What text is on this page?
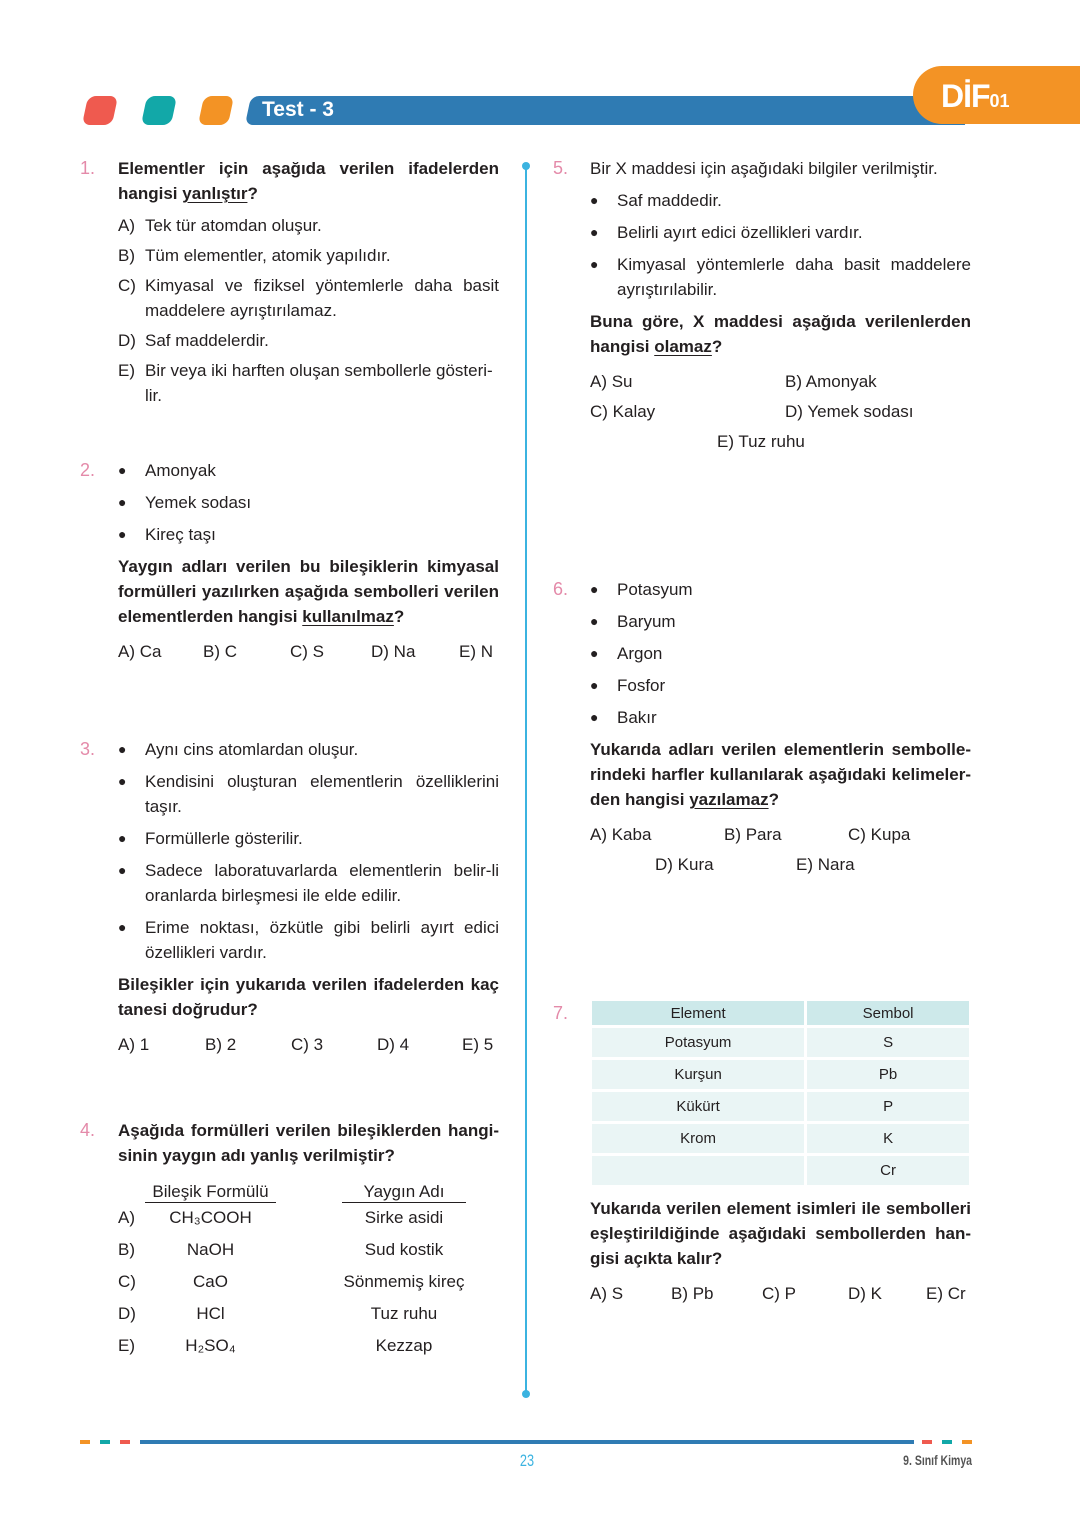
Test - 3	DİF01
1. Elementler için aşağıda verilen ifadelerden hangisi yanlıştır?
A) Tek tür atomdan oluşur.
B) Tüm elementler, atomik yapılıdır.
C) Kimyasal ve fiziksel yöntemlerle daha basit maddelere ayrıştırılamaz.
D) Saf maddelerdir.
E) Bir veya iki harften oluşan sembollerle gösteri-lir.
2. ●	Amonyak
●	Yemek sodası
●	Kireç taşı
Yaygın adları verilen bu bileşiklerin kimyasal formülleri yazılırken aşağıda sembolleri verilen elementlerden hangisi kullanılmaz?
A) Ca B) C	C) S	D) Na	E) N
3. ●	Aynı cins atomlardan oluşur.
●	Kendisini oluşturan elementlerin özelliklerini taşır.
●	Formüllerle gösterilir.
●	Sadece laboratuvarlarda elementlerin belir-li oranlarda birleşmesi ile elde edilir.
●	Erime noktası, özkütle gibi belirli ayırt edici özellikleri vardır.
Bileşikler için yukarıda verilen ifadelerden kaç tanesi doğrudur?
A) 1	B) 2	C) 3	D) 4	E) 5
4. Aşağıda formülleri verilen bileşiklerden hangi-sinin yaygın adı yanlış verilmiştir?
Bileşik Formülü	Yaygın Adı
A)	CH₃COOH	Sirke asidi
B)	NaOH	Sud kostik
C)	CaO	Sönmemiş kireç
D)	HCl	Tuz ruhu
E)	H₂SO₄	Kezzap
5. Bir X maddesi için aşağıdaki bilgiler verilmiştir.
●	Saf maddedir.
●	Belirli ayırt edici özellikleri vardır.
●	Kimyasal yöntemlerle daha basit maddelere ayrıştırılabilir.
Buna göre, X maddesi aşağıda verilenlerden hangisi olamaz?
A) Su	B) Amonyak
C) Kalay	D) Yemek sodası
E) Tuz ruhu
6. ●	Potasyum
●	Baryum
●	Argon
●	Fosfor
●	Bakır
Yukarıda adları verilen elementlerin sembolle-rindeki harfler kullanılarak aşağıdaki kelimeler-den hangisi yazılamaz?
A) Kaba	B) Para	C) Kupa
D) Kura	E) Nara
7.	Element	Sembol
Potasyum	S
Kurşun	Pb
Kükürt	P
Krom	K
	Cr
Yukarıda verilen element isimleri ile sembolleri eşleştirildiğinde aşağıdaki sembollerden han-gisi açıkta kalır?
A) S	B) Pb	C) P	D) K	E) Cr
23	9. Sınıf Kimya
